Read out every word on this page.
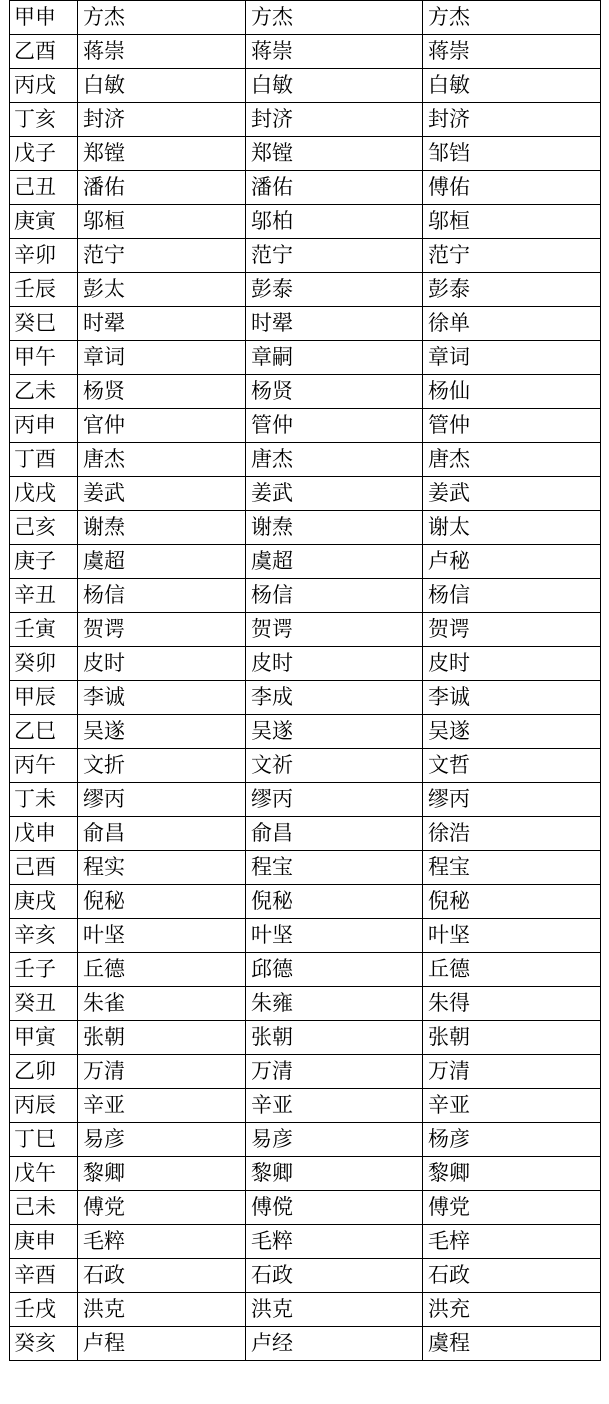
甲申	方杰	方杰	方杰
乙酉	蒋崇	蒋崇	蒋崇
丙戌	白敏	白敏	白敏
丁亥	封济	封济	封济
戊子	郑镗	郑镗	邹铛
己丑	潘佑	潘佑	傅佑
庚寅	邬桓	邬柏	邬桓
辛卯	范宁	范宁	范宁
壬辰	彭太	彭泰	彭泰
癸巳	时翚	时翚	徐单
甲午	章词	章嗣	章词
乙未	杨贤	杨贤	杨仙
丙申	官仲	管仲	管仲
丁酉	唐杰	唐杰	唐杰
戊戌	姜武	姜武	姜武
己亥	谢焘	谢焘	谢太
庚子	虞超	虞超	卢秘
辛丑	杨信	杨信	杨信
壬寅	贺谔	贺谔	贺谔
癸卯	皮时	皮时	皮时
甲辰	李诚	李成	李诚
乙巳	吴遂	吴遂	吴遂
丙午	文折	文祈	文哲
丁未	缪丙	缪丙	缪丙
戊申	俞昌	俞昌	徐浩
己酉	程实	程宝	程宝
庚戌	倪秘	倪秘	倪秘
辛亥	叶坚	叶坚	叶坚
壬子	丘德	邱德	丘德
癸丑	朱雀	朱雍	朱得
甲寅	张朝	张朝	张朝
乙卯	万清	万清	万清
丙辰	辛亚	辛亚	辛亚
丁巳	易彦	易彦	杨彦
戊午	黎卿	黎卿	黎卿
己未	傅党	傅傥	傅党
庚申	毛粹	毛粹	毛梓
辛酉	石政	石政	石政
壬戌	洪克	洪克	洪充
癸亥	卢程	卢经	虞程
